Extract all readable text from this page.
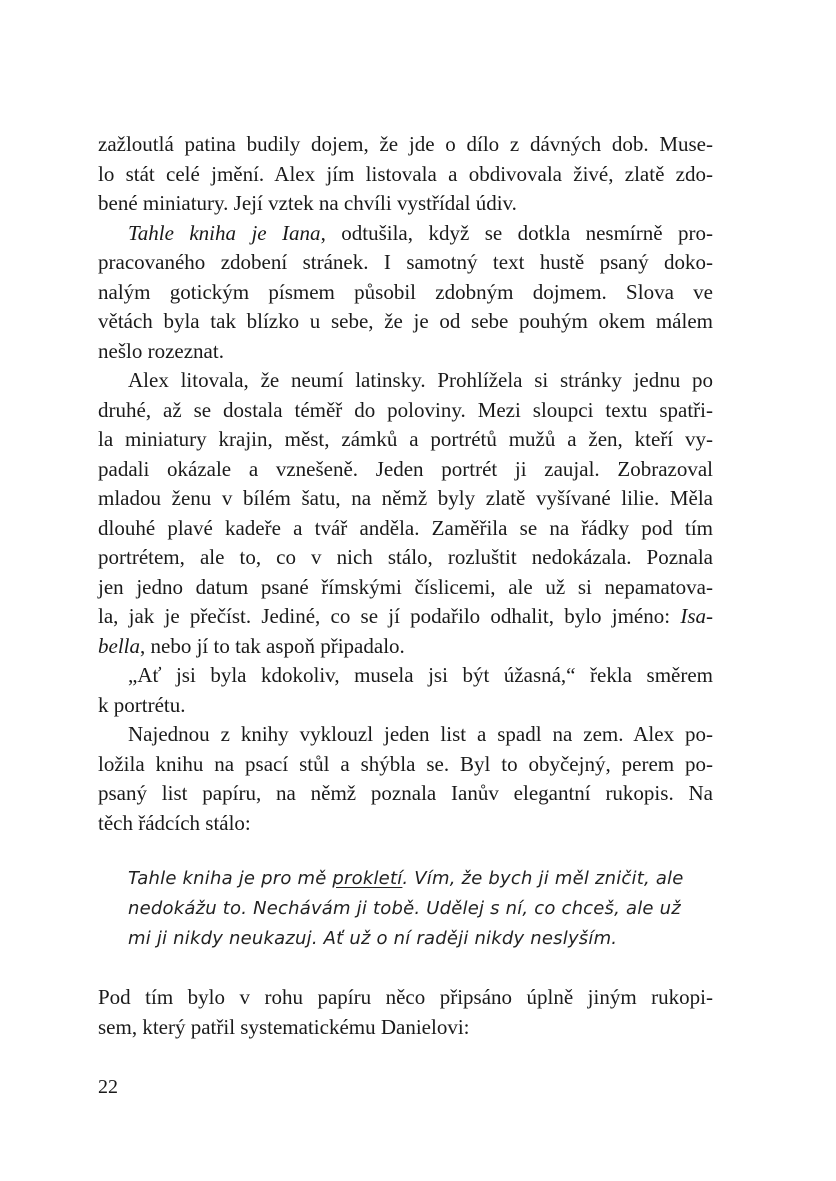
zažloutlá patina budily dojem, že jde o dílo z dávných dob. Muse-
lo stát celé jmění. Alex jím listovala a obdivovala živé, zlatě zdo-
bené miniatury. Její vztek na chvíli vystřídal údiv.
Tahle kniha je Iana, odtušila, když se dotkla nesmírně pro-
pracovaného zdobení stránek. I samotný text hustě psaný doko-
nalým gotickým písmem působil zdobným dojmem. Slova ve
větách byla tak blízko u sebe, že je od sebe pouhým okem málem
nešlo rozeznat.
Alex litovala, že neumí latinsky. Prohlížela si stránky jednu po
druhé, až se dostala téměř do poloviny. Mezi sloupci textu spatři-
la miniatury krajin, měst, zámků a portrétů mužů a žen, kteří vy-
padali okázale a vznešeně. Jeden portrét ji zaujal. Zobrazoval
mladou ženu v bílém šatu, na němž byly zlatě vyšívané lilie. Měla
dlouhé plavé kadeře a tvář anděla. Zaměřila se na řádky pod tím
portrétem, ale to, co v nich stálo, rozluštit nedokázala. Poznala
jen jedno datum psané římskými číslicemi, ale už si nepamatova-
la, jak je přečíst. Jediné, co se jí podařilo odhalit, bylo jméno: Isa-
bella, nebo jí to tak aspoň připadalo.
„Ať jsi byla kdokoliv, musela jsi být úžasná,“ řekla směrem
k portrétu.
Najednou z knihy vyklouzl jeden list a spadl na zem. Alex po-
ložila knihu na psací stůl a shýbla se. Byl to obyčejný, perem po-
psaný list papíru, na němž poznala Ianův elegantní rukopis. Na
těch řádcích stálo:
Tahle kniha je pro mě prokletí. Vím, že bych ji měl zničit, ale
nedokážu to. Nechávám ji tobě. Udělej s ní, co chceš, ale už
mi ji nikdy neukazuj. Ať už o ní raději nikdy neslyším.
Pod tím bylo v rohu papíru něco připsáno úplně jiným rukopi-
sem, který patřil systematickému Danielovi:
22
